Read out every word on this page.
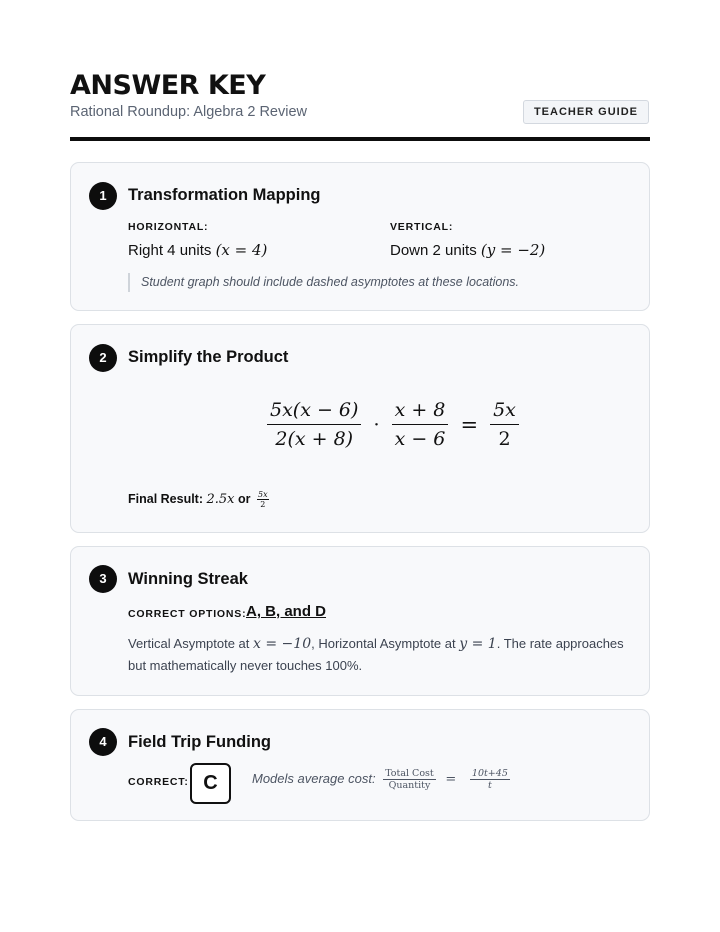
ANSWER KEY
Rational Roundup: Algebra 2 Review	TEACHER GUIDE
1	Transformation Mapping
HORIZONTAL:
Right 4 units (x = 4)
VERTICAL:
Down 2 units (y = −2)
Student graph should include dashed asymptotes at these locations.
2	Simplify the Product
$\frac{5x(x - 6)}{2(x + 8)} \cdot \frac{x + 8}{x - 6} = \frac{5x}{2}$
Final Result: 2.5x or $\frac{5x}{2}$
3	Winning Streak
CORRECT OPTIONS: A, B, and D
Vertical Asymptote at x = −10, Horizontal Asymptote at y = 1. The rate approaches but mathematically never touches 100%.
4	Field Trip Funding
CORRECT: C	Models average cost: $\frac{\text{Total Cost}}{\text{Quantity}} = \frac{10t+45}{t}$
